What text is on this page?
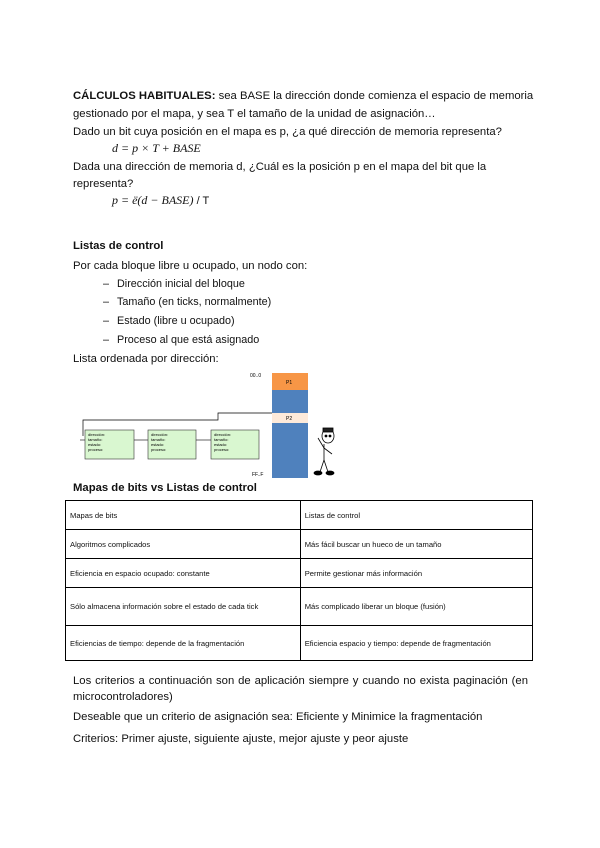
CÁLCULOS HABITUALES: sea BASE la dirección donde comienza el espacio de memoria

gestionado por el mapa, y sea T el tamaño de la unidad de asignación…

Dado un bit cuya posición en el mapa es p, ¿a qué dirección de memoria representa?

d = p × T + BASE

Dada una dirección de memoria d, ¿Cuál es la posición p en el mapa del bit que la

representa?

p = ë(d − BASE) / T
Listas de control

Por cada bloque libre u ocupado, un nodo con:

– Dirección inicial del bloque
– Tamaño (en ticks, normalmente)
– Estado (libre u ocupado)
– Proceso al que está asignado

Lista ordenada por dirección:

dirección:
tamaño:
estado:
proceso:
dirección:
tamaño:
estado:
proceso:
dirección:
tamaño:
estado:
proceso:
00..0
P1
P2
FF..F
Mapas de bits vs Listas de control
Mapas de bits	Listas de control
Algoritmos complicados	Más fácil buscar un hueco de un tamaño
Eficiencia en espacio ocupado: constante	Permite gestionar más información
Sólo almacena información sobre el estado de cada tick	Más complicado liberar un bloque (fusión)
Eficiencias de tiempo: depende de la fragmentación	Eficiencia espacio y tiempo: depende de fragmentación

Los criterios a continuación son de aplicación siempre y cuando no exista paginación (en

microcontroladores)

Deseable que un criterio de asignación sea: Eficiente y Minimice la fragmentación

Criterios: Primer ajuste, siguiente ajuste, mejor ajuste y peor ajuste
